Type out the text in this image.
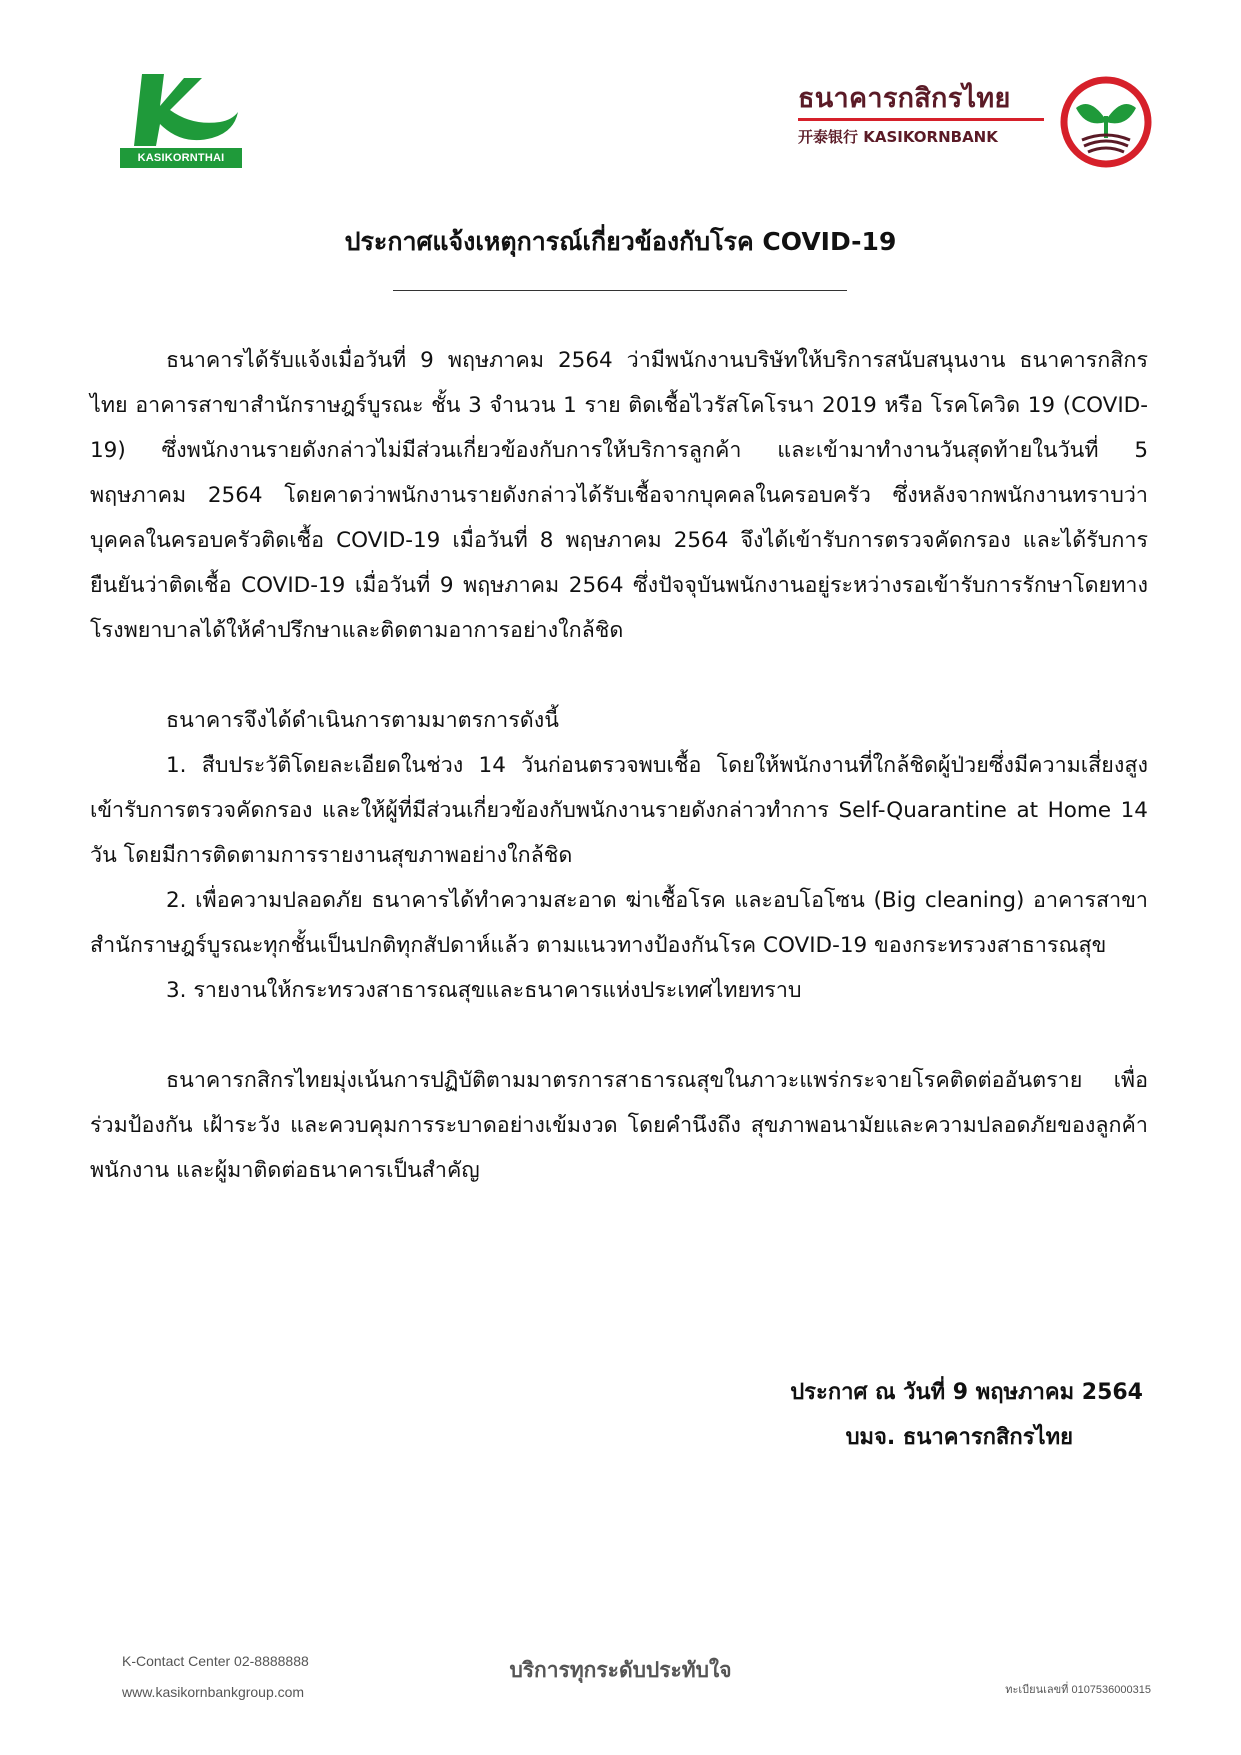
KASIKORNTHAI
ธนาคารกสิกรไทย
开泰银行 KASIKORNBANK
ประกาศแจ้งเหตุการณ์เกี่ยวข้องกับโรค COVID-19

ธนาคารได้รับแจ้งเมื่อวันที่ 9 พฤษภาคม 2564 ว่ามีพนักงานบริษัทให้บริการสนับสนุนงาน ธนาคารกสิกรไทย อาคารสาขาสำนักราษฎร์บูรณะ ชั้น 3 จำนวน 1 ราย ติดเชื้อไวรัสโคโรนา 2019 หรือ โรคโควิด 19 (COVID-19) ซึ่งพนักงานรายดังกล่าวไม่มีส่วนเกี่ยวข้องกับการให้บริการลูกค้า และเข้ามาทำงานวันสุดท้ายในวันที่ 5 พฤษภาคม 2564 โดยคาดว่าพนักงานรายดังกล่าวได้รับเชื้อจากบุคคลในครอบครัว ซึ่งหลังจากพนักงานทราบว่าบุคคลในครอบครัวติดเชื้อ COVID-19 เมื่อวันที่ 8 พฤษภาคม 2564 จึงได้เข้ารับการตรวจคัดกรอง และได้รับการยืนยันว่าติดเชื้อ COVID-19 เมื่อวันที่ 9 พฤษภาคม 2564 ซึ่งปัจจุบันพนักงานอยู่ระหว่างรอเข้ารับการรักษาโดยทางโรงพยาบาลได้ให้คำปรึกษาและติดตามอาการอย่างใกล้ชิด

ธนาคารจึงได้ดำเนินการตามมาตรการดังนี้

1. สืบประวัติโดยละเอียดในช่วง 14 วันก่อนตรวจพบเชื้อ โดยให้พนักงานที่ใกล้ชิดผู้ป่วยซึ่งมีความเสี่ยงสูงเข้ารับการตรวจคัดกรอง และให้ผู้ที่มีส่วนเกี่ยวข้องกับพนักงานรายดังกล่าวทำการ Self-Quarantine at Home 14 วัน โดยมีการติดตามการรายงานสุขภาพอย่างใกล้ชิด

2. เพื่อความปลอดภัย ธนาคารได้ทำความสะอาด ฆ่าเชื้อโรค และอบโอโซน (Big cleaning) อาคารสาขาสำนักราษฎร์บูรณะทุกชั้นเป็นปกติทุกสัปดาห์แล้ว ตามแนวทางป้องกันโรค COVID-19 ของกระทรวงสาธารณสุข

3. รายงานให้กระทรวงสาธารณสุขและธนาคารแห่งประเทศไทยทราบ

ธนาคารกสิกรไทยมุ่งเน้นการปฏิบัติตามมาตรการสาธารณสุขในภาวะแพร่กระจายโรคติดต่ออันตราย เพื่อร่วมป้องกัน เฝ้าระวัง และควบคุมการระบาดอย่างเข้มงวด โดยคำนึงถึง สุขภาพอนามัยและความปลอดภัยของลูกค้า พนักงาน และผู้มาติดต่อธนาคารเป็นสำคัญ

ประกาศ ณ วันที่ 9 พฤษภาคม 2564
บมจ. ธนาคารกสิกรไทย
K-Contact Center 02-8888888
www.kasikornbankgroup.com
บริการทุกระดับประทับใจ
ทะเบียนเลขที่ 0107536000315
